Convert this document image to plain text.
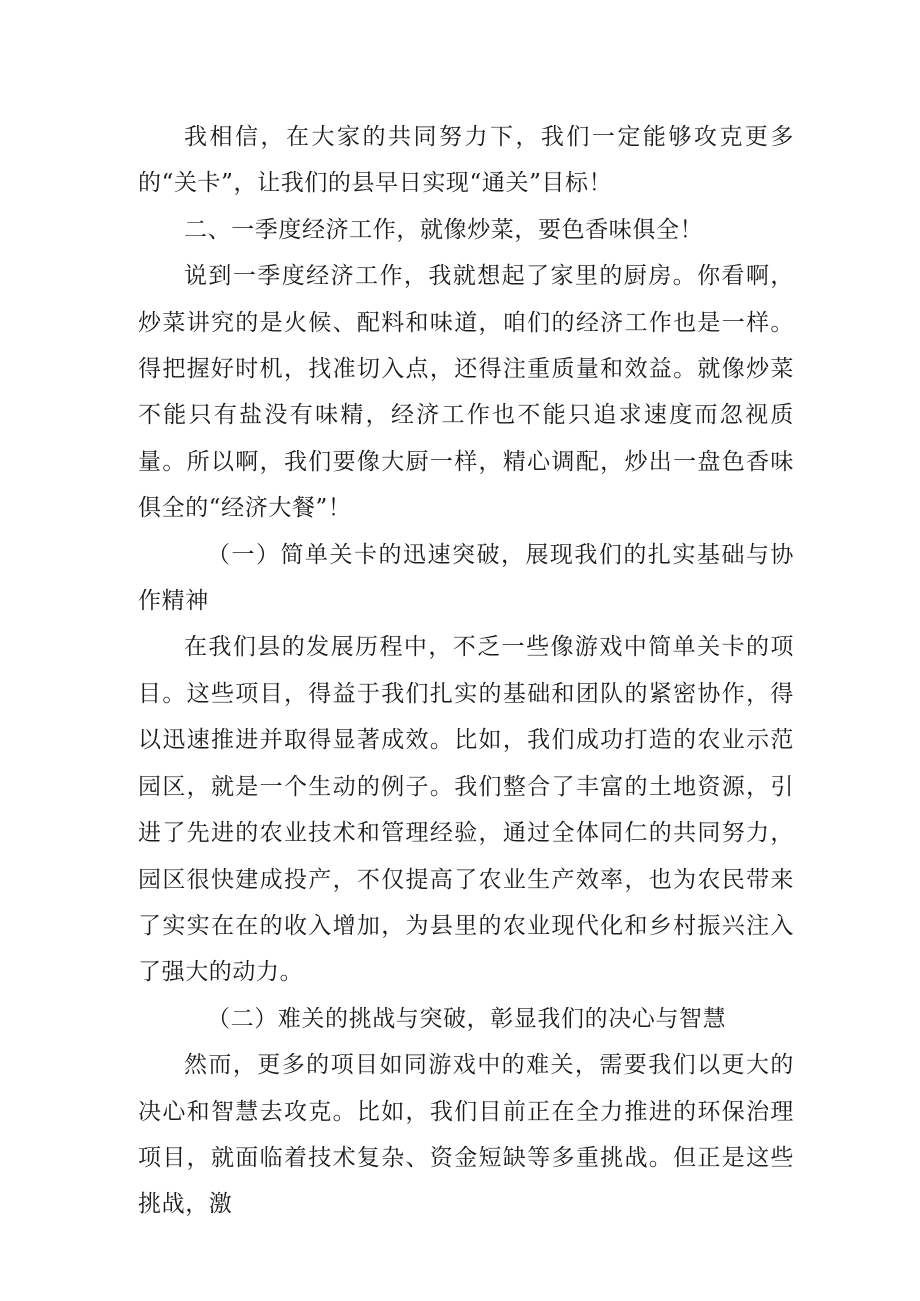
我相信，在大家的共同努力下，我们一定能够攻克更多的“关卡”，让我们的县早日实现“通关”目标！

二、一季度经济工作，就像炒菜，要色香味俱全！

说到一季度经济工作，我就想起了家里的厨房。你看啊，炒菜讲究的是火候、配料和味道，咱们的经济工作也是一样。得把握好时机，找准切入点，还得注重质量和效益。就像炒菜不能只有盐没有味精，经济工作也不能只追求速度而忽视质量。所以啊，我们要像大厨一样，精心调配，炒出一盘色香味俱全的“经济大餐”！

（一）简单关卡的迅速突破，展现我们的扎实基础与协作精神

在我们县的发展历程中，不乏一些像游戏中简单关卡的项目。这些项目，得益于我们扎实的基础和团队的紧密协作，得以迅速推进并取得显著成效。比如，我们成功打造的农业示范园区，就是一个生动的例子。我们整合了丰富的土地资源，引进了先进的农业技术和管理经验，通过全体同仁的共同努力，园区很快建成投产，不仅提高了农业生产效率，也为农民带来了实实在在的收入增加，为县里的农业现代化和乡村振兴注入了强大的动力。

（二）难关的挑战与突破，彰显我们的决心与智慧

然而，更多的项目如同游戏中的难关，需要我们以更大的决心和智慧去攻克。比如，我们目前正在全力推进的环保治理项目，就面临着技术复杂、资金短缺等多重挑战。但正是这些挑战，激
